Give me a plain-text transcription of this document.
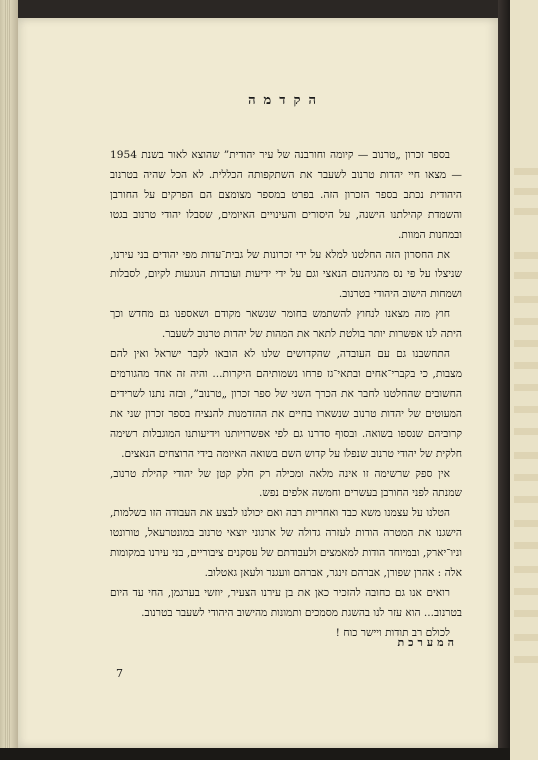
הקדמה

בספר זכרון „טרנוב — קיומה וחורבנה של עיר יהודית” שהוצא לאור בשנת 1954 — מצאו חיי יהדות טרנוב לשעבר את השתקפותה הכללית. לא הכל שהיה בטרנוב היהודית נכתב בספר הזכרון הזה. בפרט במספר מצומצם הם הפרקים על החורבן והשמדת קהילתנו הישנה, על היסורים והעינויים האיומים, שסבלו יהודי טרנוב בגטו ובמחנות המוות.

את החסרון הזה החלטנו למלא על ידי זכרונות של גבית־עדות מפי יהודים בני עירנו, שניצלו על פי נס מהגיהנום הנאצי וגם על ידי ידיעות ועובדות הנוגעות לקיום, לסבלות ושמחות הישוב היהודי בטרנוב.

חוץ מזה מצאנו לנחוץ להשתמש בחומר שנשאר מקודם ושאספנו גם מחדש וכך היתה לנו אפשרות יותר בולטת לתאר את המהות של יהדות טרנוב לשעבר.

התחשבנו גם עם העובדה, שהקדושים שלנו לא הובאו לקבר ישראל ואין להם מצבות, כי בקברי־אחים ובתאי־גז פרחו נשמותיהם היקרות... והיה זה אחד מהגורמים החשובים שהחלטנו לחבר את הכרך השני של ספר זכרון „טרנוב”, ובזה נתנו לשרידים המעוטים של יהדות טרנוב שנשארו בחיים את ההזדמנות להנציח בספר זכרון שני את קרוביהם שנספו בשואה. ובסוף סדרנו גם לפי אפשרויותנו וידיעותנו המוגבלות רשימה חלקית של יהודי טרנוב שנפלו על קדוש השם בשואה האיומה בידי הרוצחים הנאצים.

אין ספק שרשימה זו אינה מלאה ומכילה רק חלק קטן של יהודי קהילת טרנוב, שמנתה לפני החורבן בעשרים וחמשה אלפים נפש.

הטלנו על עצמנו משא כבד ואחריות רבה ואם יכולנו לבצע את העבודה הזו בשלמות, הישגנו את המטרה הודות לעזרה גדולה של ארגוני יוצאי טרנוב במונטרעאל, טורונטו וניו־יארק, ובמיוחד הודות למאמצים ולעבודתם של עסקנים ציבוריים, בני עירנו במקומות אלה : אהרן שפורן, אברהם זינגר, אברהם וועגנר ולעאן גאטלוב.

רואים אנו גם כחובה להזכיר כאן את בן עירנו הצעיר, יוזשי בערגמן, החי עד היום בטרנוב... הוא עזר לנו בהשגת מסמכים ותמונות מהישוב היהודי לשעבר בטרנוב.

לכולם רב תודות ויישר כוח !

המערכת
7
